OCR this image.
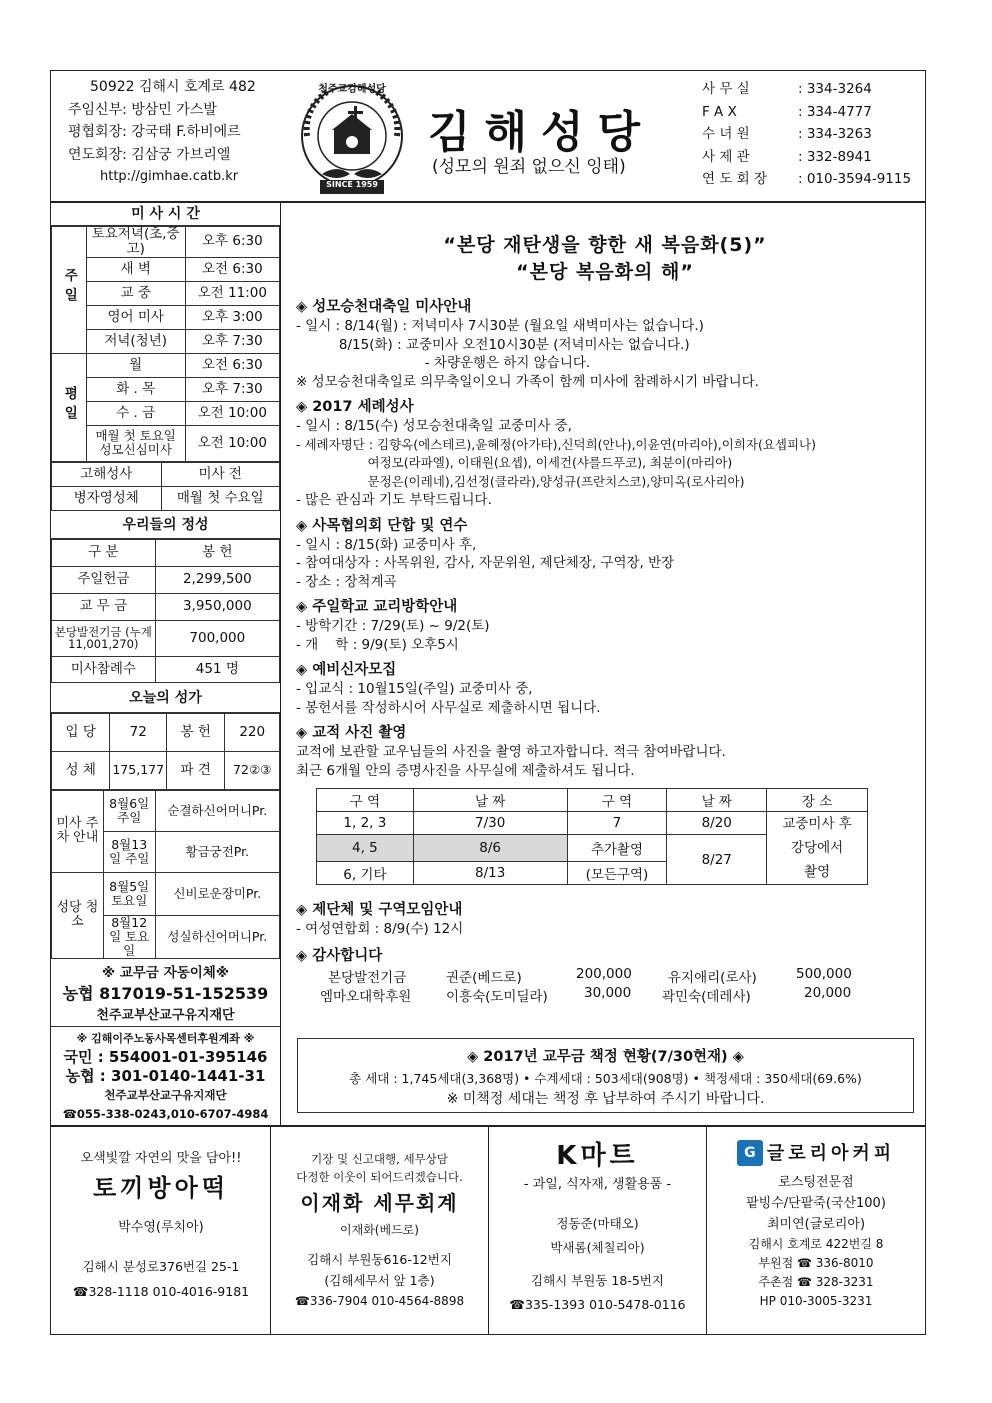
50922 김해시 호계로 482
주임신부: 방삼민 가스발
평협회장: 강국태 F.하비에르
연도회장: 김삼궁 가브리엘
http://gimhae.catb.kr
천주교김해성당
SINCE 1959
김해성당
(성모의 원죄 없으신 잉태)
사 무 실	: 334-3264
F A X	: 334-4777
수 녀 원	: 334-3263
사 제 관	: 332-8941
연 도 회 장	: 010-3594-9115
미 사 시 간
주일	토요저녁(초,중고)	오후 6:30
	새 벽	오전 6:30
	교 중	오전 11:00
	영어 미사	오후 3:00
	저녁(청년)	오후 7:30
평일	월	오전 6:30
	화 . 목	오후 7:30
	수 . 금	오전 10:00
	매월 첫 토요일 성모신심미사	오전 10:00
고해성사	미사 전
병자영성체	매월 첫 수요일
우리들의 정성
구 분	봉 헌
주일헌금	2,299,500
교 무 금	3,950,000
본당발전기금 (누계11,001,270)	700,000
미사참례수	451 명
오늘의 성가
입 당	72	봉 헌	220
성 체	175,177	파 견	72②③
미사 주차 안내	8월6일 주일	순결하신어머니Pr.
	8월13일 주일	황금궁전Pr.
성당 청소	8월5일 토요일	신비로운장미Pr.
	8월12일 토요일	성실하신어머니Pr.
※ 교무금 자동이체※
농협 817019-51-152539
천주교부산교구유지재단
※ 김해이주노동사목센터후원계좌 ※
국민 : 554001-01-395146
농협 : 301-0140-1441-31
천주교부산교구유지재단
☎055-338-0243,010-6707-4984
“본당 재탄생을 향한 새 복음화(5)”
“본당 복음화의 해”
◈ 성모승천대축일 미사안내
- 일시 : 8/14(월) : 저녁미사 7시30분 (월요일 새벽미사는 없습니다.)
8/15(화) : 교중미사 오전10시30분 (저녁미사는 없습니다.)
- 차량운행은 하지 않습니다.
※ 성모승천대축일로 의무축일이오니 가족이 함께 미사에 참례하시기 바랍니다.
◈ 2017 세례성사
- 일시 : 8/15(수) 성모승천대축일 교중미사 중,
- 세례자명단 : 김향옥(에스테르),윤혜정(아가타),신덕희(안나),이윤연(마리아),이희자(요셉피나)
여정모(라파엘), 이태원(요셉), 이세건(샤를드푸코), 최분이(마리아)
문정은(이레네),김선정(클라라),양성규(프란치스코),양미옥(로사리아)
- 많은 관심과 기도 부탁드립니다.
◈ 사목협의회 단합 및 연수
- 일시 : 8/15(화) 교중미사 후,
- 참여대상자 : 사목위원, 감사, 자문위원, 제단체장, 구역장, 반장
- 장소 : 장척계곡
◈ 주일학교 교리방학안내
- 방학기간 : 7/29(토) ~ 9/2(토)
- 개    학 : 9/9(토) 오후5시
◈ 예비신자모집
- 입교식 : 10월15일(주일) 교중미사 중,
- 봉헌서를 작성하시어 사무실로 제출하시면 됩니다.
◈ 교적 사진 촬영
교적에 보관할 교우님들의 사진을 촬영 하고자합니다. 적극 참여바랍니다.
최근 6개월 안의 증명사진을 사무실에 제출하셔도 됩니다.
구 역	날 짜	구 역	날 짜	장 소
1, 2, 3	7/30	7	8/20	교중미사 후
강당에서
촬영

4, 5	8/6	추가촬영	8/27	
6, 기타	8/13	(모든구역)		
◈ 제단체 및 구역모임안내
- 여성연합회 : 8/9(수) 12시
◈ 감사합니다
본당발전기금	권준(베드로)	200,000	유지애리(로사)	500,000
엠마오대학후원	이흥숙(도미딜라)	30,000 곽민숙(데레사)	20,000
◈ 2017년 교무금 책정 현황(7/30현재) ◈
총 세대 : 1,745세대(3,368명) • 수계세대 : 503세대(908명) • 책정세대 : 350세대(69.6%)
※ 미책정 세대는 책정 후 납부하여 주시기 바랍니다.
오색빛깔 자연의 맛을 담아!!
토끼방아떡
박수영(루치아)
김해시 분성로376번길 25-1
☎328-1118 010-4016-9181
기장 및 신고대행, 세무상담
다정한 이웃이 되어드리겠습니다.
이재화 세무회계
이재화(베드로)
김해시 부원동616-12번지
(김해세무서 앞 1층)
☎336-7904 010-4564-8898
K마트
- 과일, 식자재, 생활용품 -
정동준(마태오)
박새롬(체칠리아)
김해시 부원동 18-5번지
☎335-1393 010-5478-0116
G 글로리아커피
로스팅전문점
팥빙수/단팥죽(국산100)
최미연(글로리아)
김해시 호계로 422번길 8
부원점 ☎ 336-8010
주촌점 ☎ 328-3231
HP 010-3005-3231
